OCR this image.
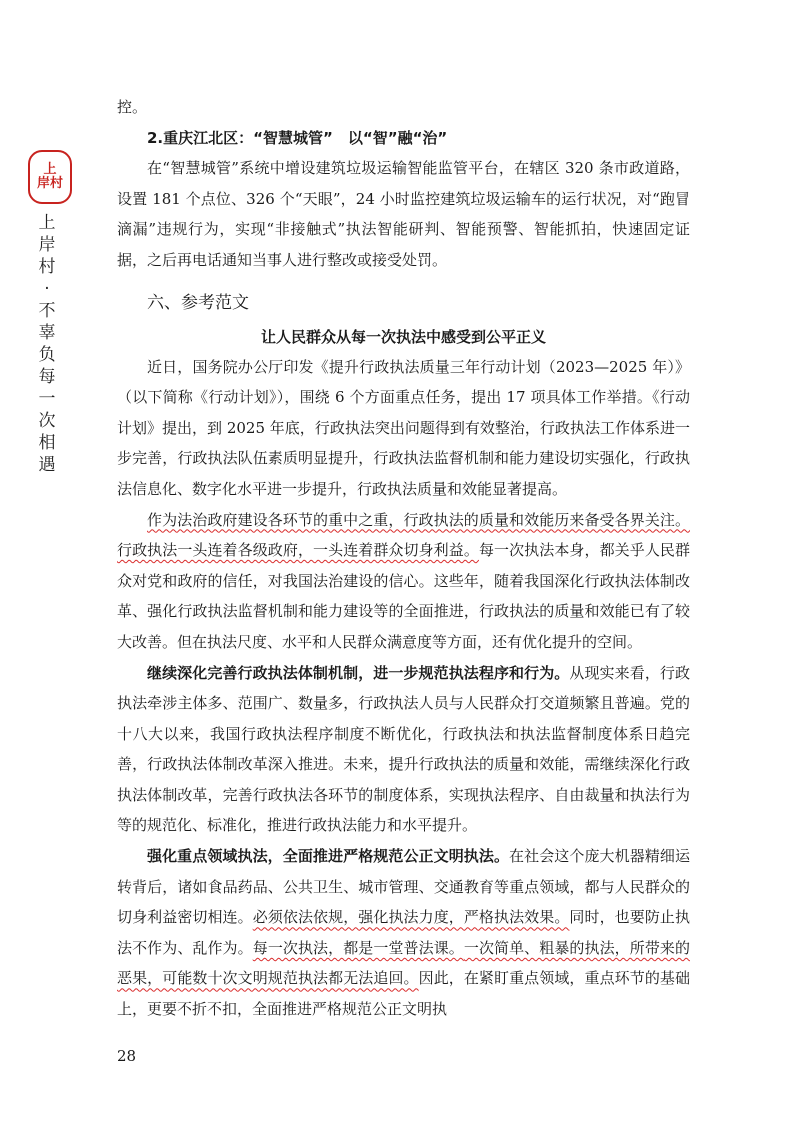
上
岸村
上岸村·不辜负每一次相遇

控。

2.重庆江北区：“智慧城管”　以“智”融“治”

在“智慧城管”系统中增设建筑垃圾运输智能监管平台，在辖区 320 条市政道路，设置 181 个点位、326 个“天眼”，24 小时监控建筑垃圾运输车的运行状况，对“跑冒滴漏”违规行为，实现“非接触式”执法智能研判、智能预警、智能抓拍，快速固定证据，之后再电话通知当事人进行整改或接受处罚。

六、参考范文

让人民群众从每一次执法中感受到公平正义

近日，国务院办公厅印发《提升行政执法质量三年行动计划（2023—2025 年）》（以下简称《行动计划》），围绕 6 个方面重点任务，提出 17 项具体工作举措。《行动计划》提出，到 2025 年底，行政执法突出问题得到有效整治，行政执法工作体系进一步完善，行政执法队伍素质明显提升，行政执法监督机制和能力建设切实强化，行政执法信息化、数字化水平进一步提升，行政执法质量和效能显著提高。

作为法治政府建设各环节的重中之重，行政执法的质量和效能历来备受各界关注。行政执法一头连着各级政府，一头连着群众切身利益。每一次执法本身，都关乎人民群众对党和政府的信任，对我国法治建设的信心。这些年，随着我国深化行政执法体制改革、强化行政执法监督机制和能力建设等的全面推进，行政执法的质量和效能已有了较大改善。但在执法尺度、水平和人民群众满意度等方面，还有优化提升的空间。

继续深化完善行政执法体制机制，进一步规范执法程序和行为。从现实来看，行政执法牵涉主体多、范围广、数量多，行政执法人员与人民群众打交道频繁且普遍。党的十八大以来，我国行政执法程序制度不断优化，行政执法和执法监督制度体系日趋完善，行政执法体制改革深入推进。未来，提升行政执法的质量和效能，需继续深化行政执法体制改革，完善行政执法各环节的制度体系，实现执法程序、自由裁量和执法行为等的规范化、标准化，推进行政执法能力和水平提升。

强化重点领域执法，全面推进严格规范公正文明执法。在社会这个庞大机器精细运转背后，诸如食品药品、公共卫生、城市管理、交通教育等重点领域，都与人民群众的切身利益密切相连。必须依法依规，强化执法力度，严格执法效果。同时，也要防止执法不作为、乱作为。每一次执法，都是一堂普法课。一次简单、粗暴的执法，所带来的恶果，可能数十次文明规范执法都无法追回。因此，在紧盯重点领域，重点环节的基础上，更要不折不扣，全面推进严格规范公正文明执

28
